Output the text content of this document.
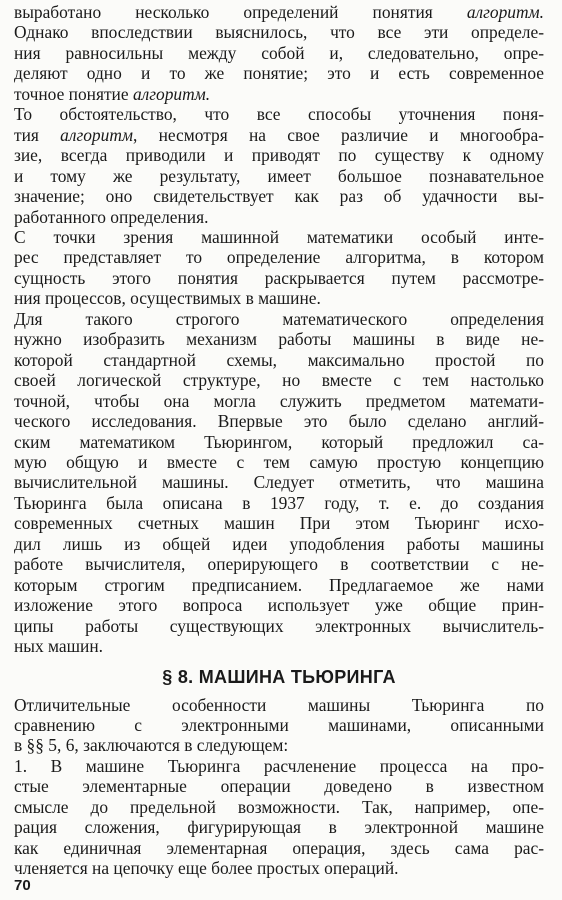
выработано несколько определений понятия алгоритм.
Однако впоследствии выяснилось, что все эти определе-
ния равносильны между собой и, следовательно, опре-
деляют одно и то же понятие; это и есть современное
точное понятие алгоритм.

То обстоятельство, что все способы уточнения поня-
тия алгоритм, несмотря на свое различие и многообра-
зие, всегда приводили и приводят по существу к одному
и тому же результату, имеет большое познавательное
значение; оно свидетельствует как раз об удачности вы-
работанного определения.

С точки зрения машинной математики особый инте-
рес представляет то определение алгоритма, в котором
сущность этого понятия раскрывается путем рассмотре-
ния процессов, осуществимых в машине.

Для такого строгого математического определения
нужно изобразить механизм работы машины в виде не-
которой стандартной схемы, максимально простой по
своей логической структуре, но вместе с тем настолько
точной, чтобы она могла служить предметом математи-
ческого исследования. Впервые это было сделано англий-
ским математиком Тьюрингом, который предложил са-
мую общую и вместе с тем самую простую концепцию
вычислительной машины. Следует отметить, что машина
Тьюринга была описана в 1937 году, т. е. до создания
современных счетных машин При этом Тьюринг исхо-
дил лишь из общей идеи уподобления работы машины
работе вычислителя, оперирующего в соответствии с не-
которым строгим предписанием. Предлагаемое же нами
изложение этого вопроса использует уже общие прин-
ципы работы существующих электронных вычислитель-
ных машин.

§ 8. МАШИНА ТЬЮРИНГА

Отличительные особенности машины Тьюринга по
сравнению с электронными машинами, описанными
в §§ 5, 6, заключаются в следующем:

1. В машине Тьюринга расчленение процесса на про-
стые элементарные операции доведено в известном
смысле до предельной возможности. Так, например, опе-
рация сложения, фигурирующая в электронной машине
как единичная элементарная операция, здесь сама рас-
членяется на цепочку еще более простых операций.

70
